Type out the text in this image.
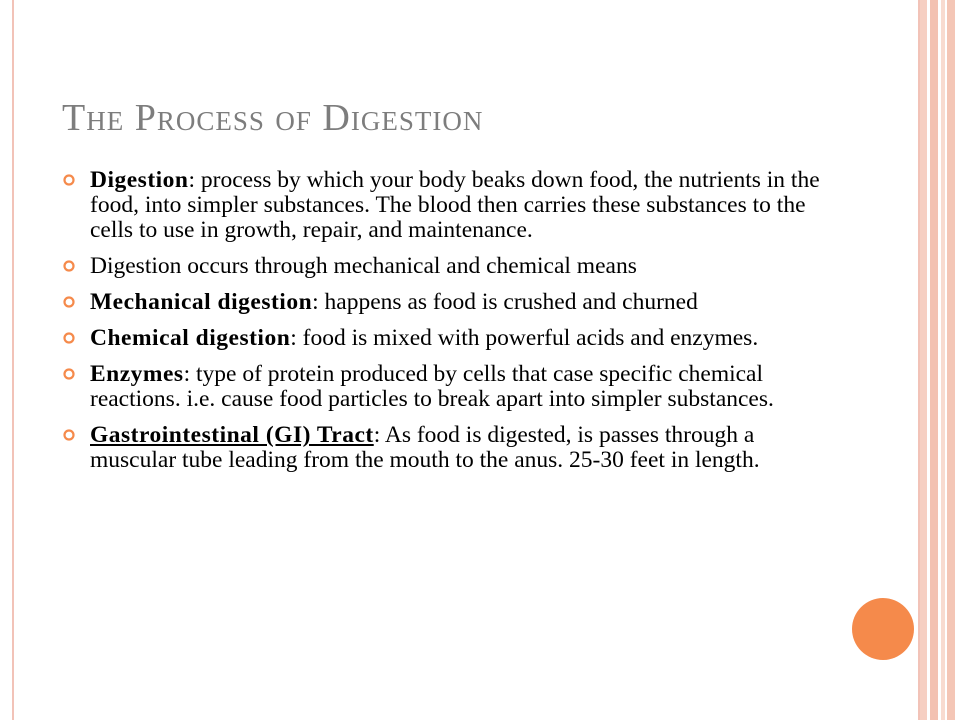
The Process of Digestion
Digestion: process by which your body beaks down food, the nutrients in the food, into simpler substances. The blood then carries these substances to the cells to use in growth, repair, and maintenance.
Digestion occurs through mechanical and chemical means
Mechanical digestion: happens as food is crushed and churned
Chemical digestion: food is mixed with powerful acids and enzymes.
Enzymes: type of protein produced by cells that case specific chemical reactions. i.e. cause food particles to break apart into simpler substances.
Gastrointestinal (GI) Tract: As food is digested, is passes through a muscular tube leading from the mouth to the anus. 25-30 feet in length.
